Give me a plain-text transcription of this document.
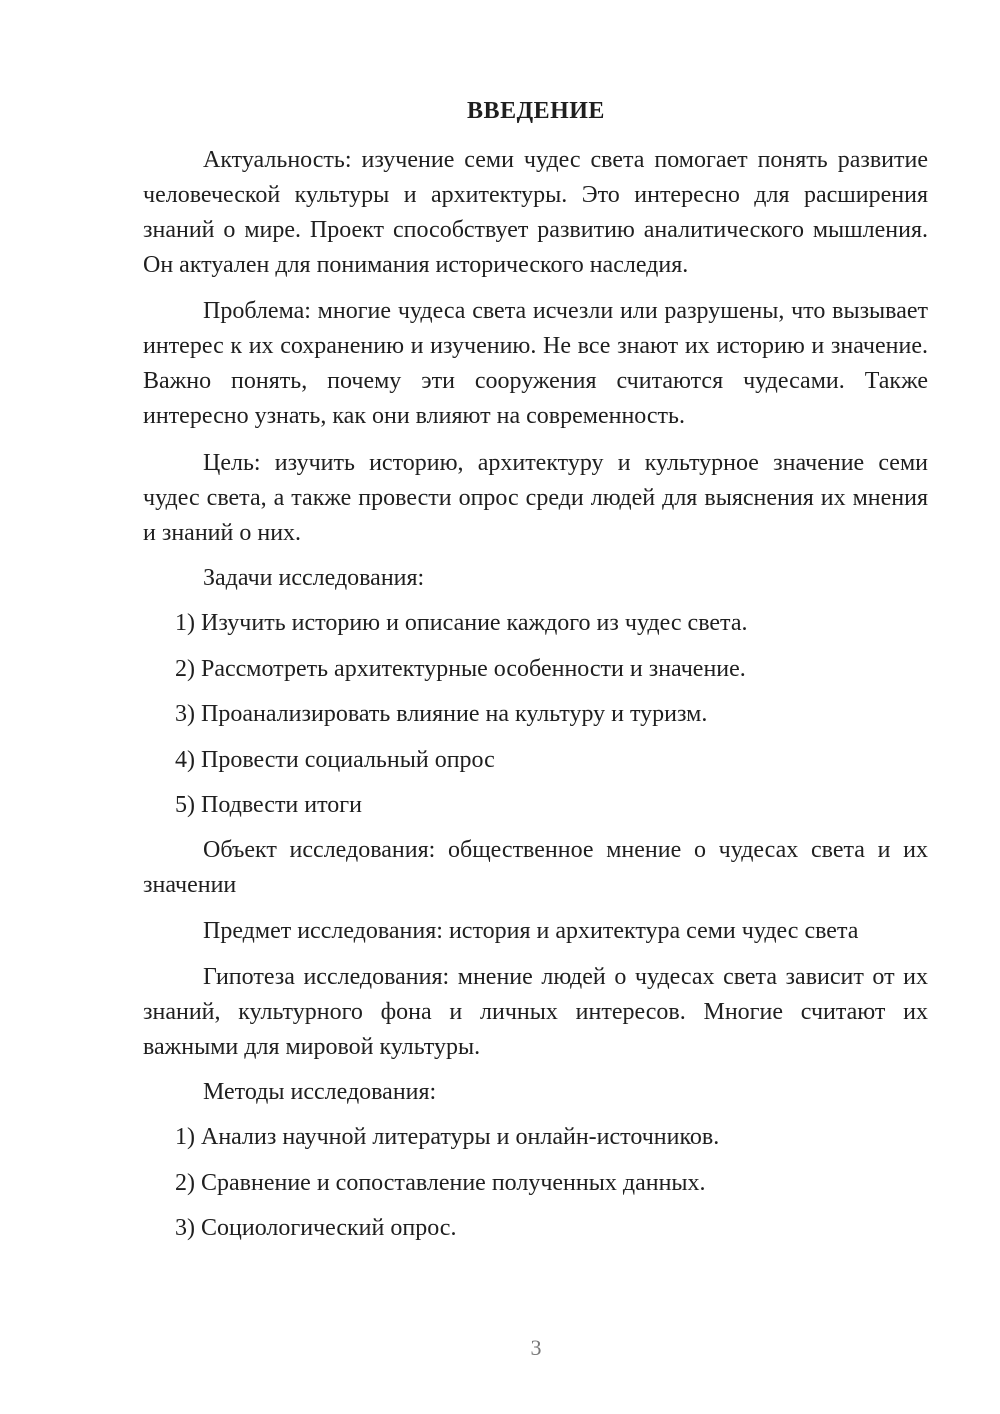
ВВЕДЕНИЕ

Актуальность: изучение семи чудес света помогает понять развитие человеческой культуры и архитектуры. Это интересно для расширения знаний о мире. Проект способствует развитию аналитического мышления. Он актуален для понимания исторического наследия.

Проблема: многие чудеса света исчезли или разрушены, что вызывает интерес к их сохранению и изучению. Не все знают их историю и значение. Важно понять, почему эти сооружения считаются чудесами. Также интересно узнать, как они влияют на современность.

Цель: изучить историю, архитектуру и культурное значение семи чудес света, а также провести опрос среди людей для выяснения их мнения и знаний о них.

Задачи исследования:

1) Изучить историю и описание каждого из чудес света.

2) Рассмотреть архитектурные особенности и значение.

3) Проанализировать влияние на культуру и туризм.

4) Провести социальный опрос

5) Подвести итоги

Объект исследования: общественное мнение о чудесах света и их значении

Предмет исследования: история и архитектура семи чудес света

Гипотеза исследования: мнение людей о чудесах света зависит от их знаний, культурного фона и личных интересов. Многие считают их важными для мировой культуры.

Методы исследования:

1) Анализ научной литературы и онлайн-источников.

2) Сравнение и сопоставление полученных данных.

3) Социологический опрос.

3
